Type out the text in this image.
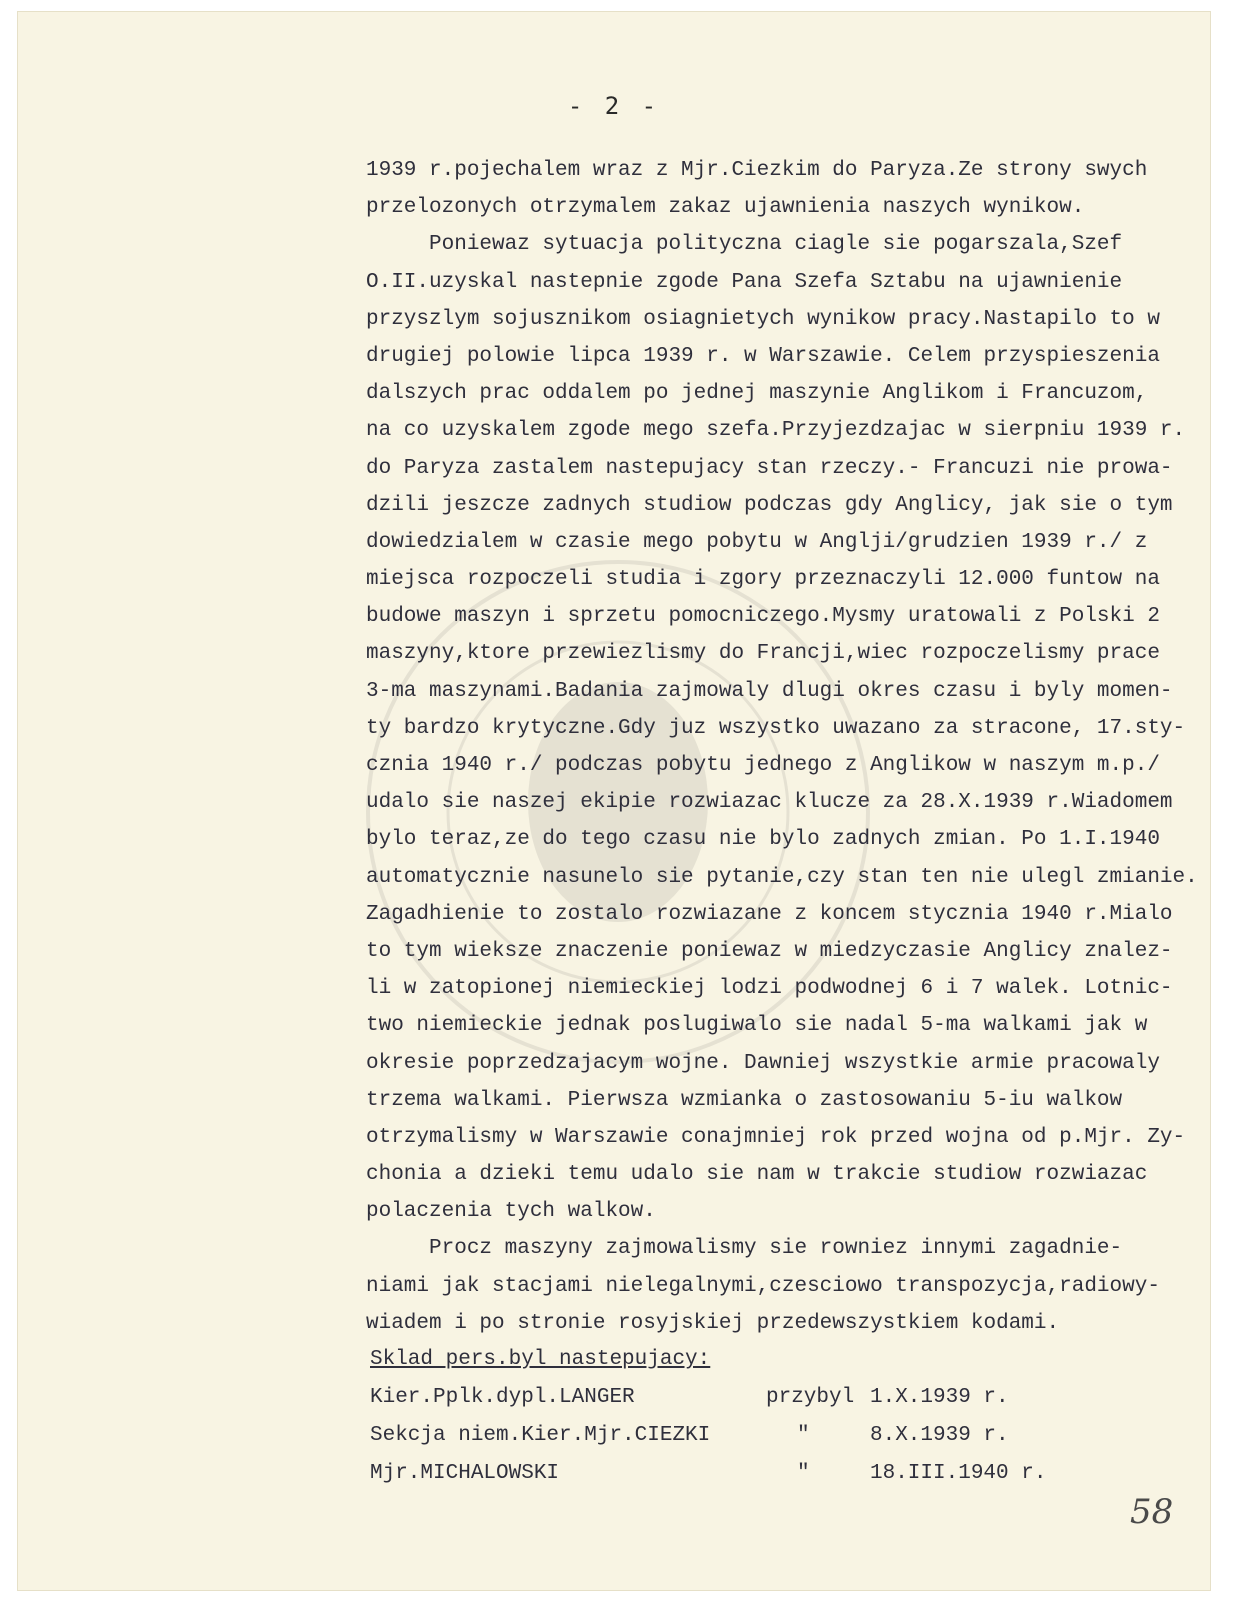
- 2 -
1939 r.pojechalem wraz z Mjr.Ciezkim do Paryza.Ze strony swych
przelozonych otrzymalem zakaz ujawnienia naszych wynikow.
Poniewaz sytuacja polityczna ciagle sie pogarszala,Szef
O.II.uzyskal nastepnie zgode Pana Szefa Sztabu na ujawnienie
przyszlym sojusznikom osiagnietych wynikow pracy.Nastapilo to w
drugiej polowie lipca 1939 r. w Warszawie. Celem przyspieszenia
dalszych prac oddalem po jednej maszynie Anglikom i Francuzom,
na co uzyskalem zgode mego szefa.Przyjezdzajac w sierpniu 1939 r.
do Paryza zastalem nastepujacy stan rzeczy.- Francuzi nie prowa-
dzili jeszcze zadnych studiow podczas gdy Anglicy, jak sie o tym
dowiedzialem w czasie mego pobytu w Anglji/grudzien 1939 r./ z
miejsca rozpoczeli studia i zgory przeznaczyli 12.000 funtow na
budowe maszyn i sprzetu pomocniczego.Mysmy uratowali z Polski 2
maszyny,ktore przewiezlismy do Francji,wiec rozpoczelismy prace
3-ma maszynami.Badania zajmowaly dlugi okres czasu i byly momen-
ty bardzo krytyczne.Gdy juz wszystko uwazano za stracone, 17.sty-
cznia 1940 r./ podczas pobytu jednego z Anglikow w naszym m.p./
udalo sie naszej ekipie rozwiazac klucze za 28.X.1939 r.Wiadomem
bylo teraz,ze do tego czasu nie bylo zadnych zmian. Po 1.I.1940
automatycznie nasunelo sie pytanie,czy stan ten nie ulegl zmianie.
Zagadhienie to zostalo rozwiazane z koncem stycznia 1940 r.Mialo
to tym wieksze znaczenie poniewaz w miedzyczasie Anglicy znalez-
li w zatopionej niemieckiej lodzi podwodnej 6 i 7 walek. Lotnic-
two niemieckie jednak poslugiwalo sie nadal 5-ma walkami jak w
okresie poprzedzajacym wojne. Dawniej wszystkie armie pracowaly
trzema walkami. Pierwsza wzmianka o zastosowaniu 5-iu walkow
otrzymalismy w Warszawie conajmniej rok przed wojna od p.Mjr. Zy-
chonia a dzieki temu udalo sie nam w trakcie studiow rozwiazac
polaczenia tych walkow.
Procz maszyny zajmowalismy sie rowniez innymi zagadnie-
niami jak stacjami nielegalnymi,czesciowo transpozycja,radiowy-
wiadem i po stronie rosyjskiej przedewszystkiem kodami.
Sklad pers.byl nastepujacy:
Kier.Pplk.dypl.LANGER	przybyl 1.X.1939 r.
Sekcja niem.Kier.Mjr.CIEZKI	"	8.X.1939 r.
Mjr.MICHALOWSKI	"	18.III.1940 r.
58
